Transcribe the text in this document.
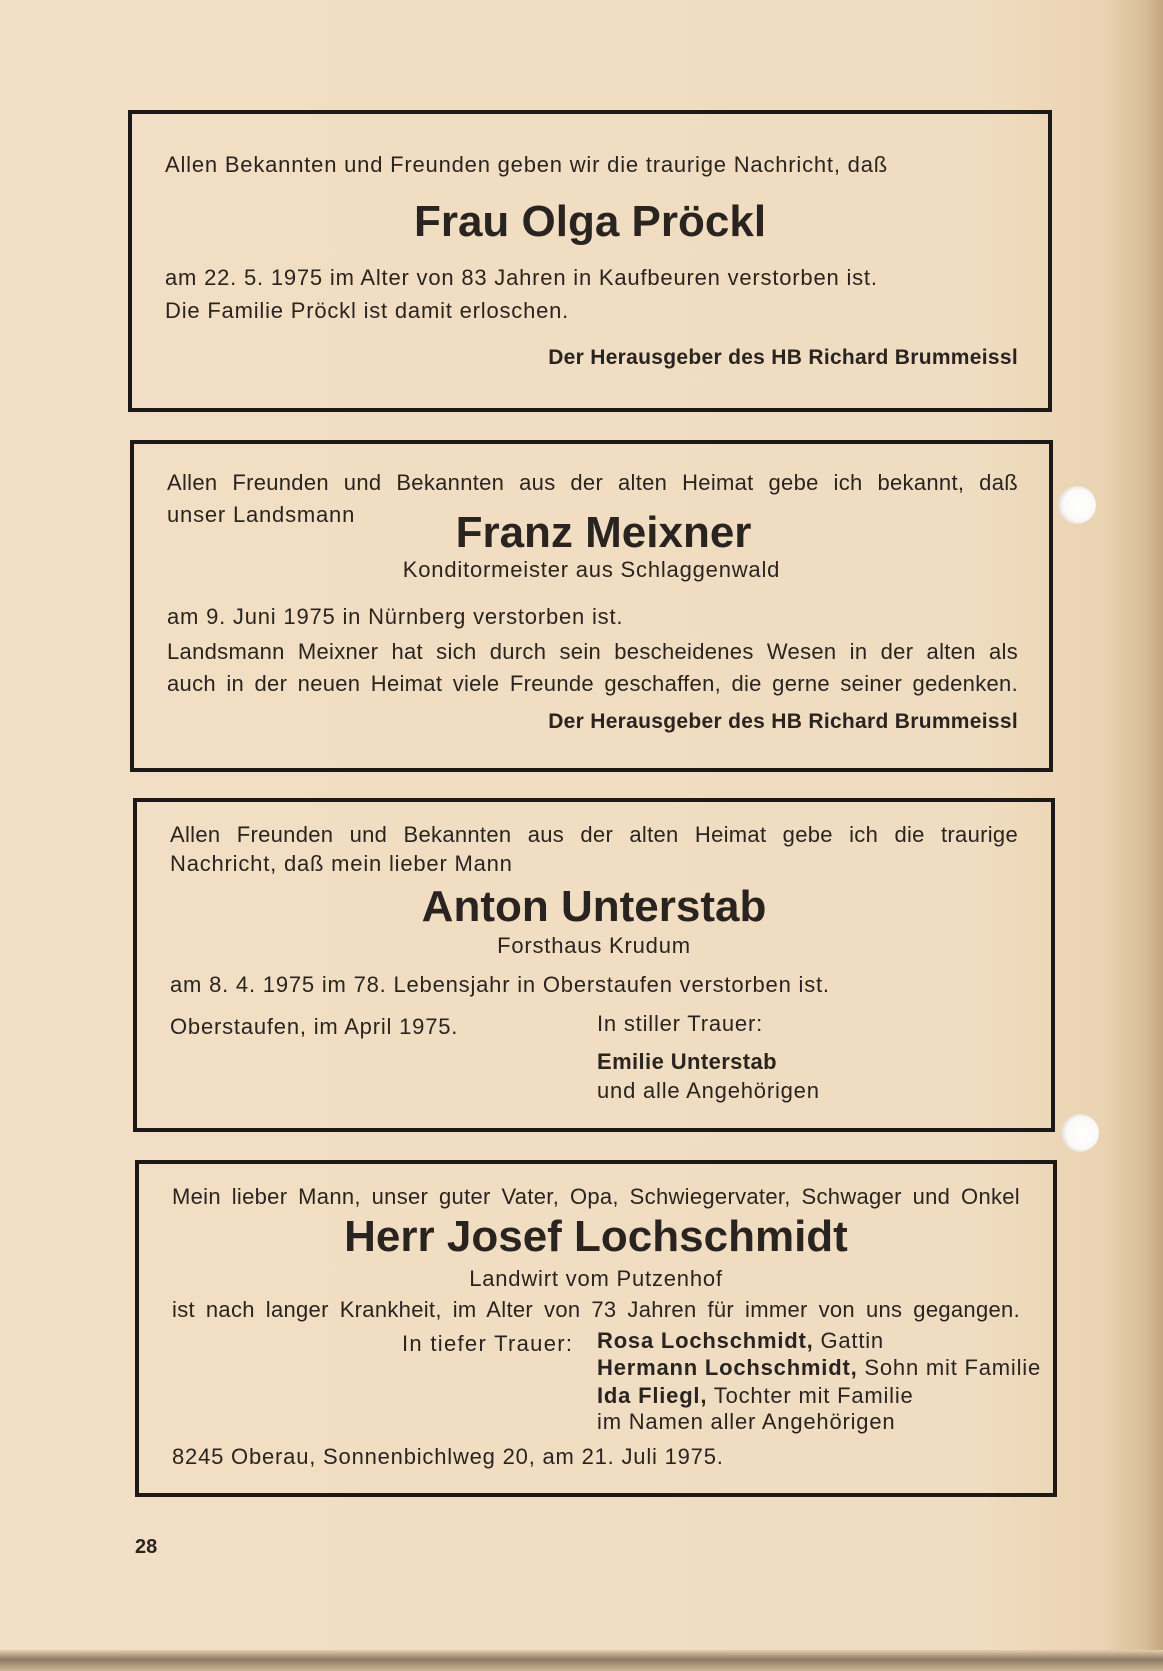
Allen Bekannten und Freunden geben wir die traurige Nachricht, daß
Frau Olga Pröckl
am 22. 5. 1975 im Alter von 83 Jahren in Kaufbeuren verstorben ist.
Die Familie Pröckl ist damit erloschen.
Der Herausgeber des HB Richard Brummeissl
Allen Freunden und Bekannten aus der alten Heimat gebe ich bekannt, daß
unser Landsmann	Franz Meixner
Konditormeister aus Schlaggenwald
am 9. Juni 1975 in Nürnberg verstorben ist.
Landsmann Meixner hat sich durch sein bescheidenes Wesen in der alten als
auch in der neuen Heimat viele Freunde geschaffen, die gerne seiner gedenken.
Der Herausgeber des HB Richard Brummeissl
Allen Freunden und Bekannten aus der alten Heimat gebe ich die traurige
Nachricht, daß mein lieber Mann
Anton Unterstab
Forsthaus Krudum
am 8. 4. 1975 im 78. Lebensjahr in Oberstaufen verstorben ist.
Oberstaufen, im April 1975.	In stiller Trauer:
Emilie Unterstab
und alle Angehörigen
Mein lieber Mann, unser guter Vater, Opa, Schwiegervater, Schwager und Onkel
Herr Josef Lochschmidt
Landwirt vom Putzenhof
ist nach langer Krankheit, im Alter von 73 Jahren für immer von uns gegangen.
In tiefer Trauer: Rosa Lochschmidt, Gattin
Hermann Lochschmidt, Sohn mit Familie
Ida Fliegl, Tochter mit Familie
im Namen aller Angehörigen
8245 Oberau, Sonnenbichlweg 20, am 21. Juli 1975.
28
